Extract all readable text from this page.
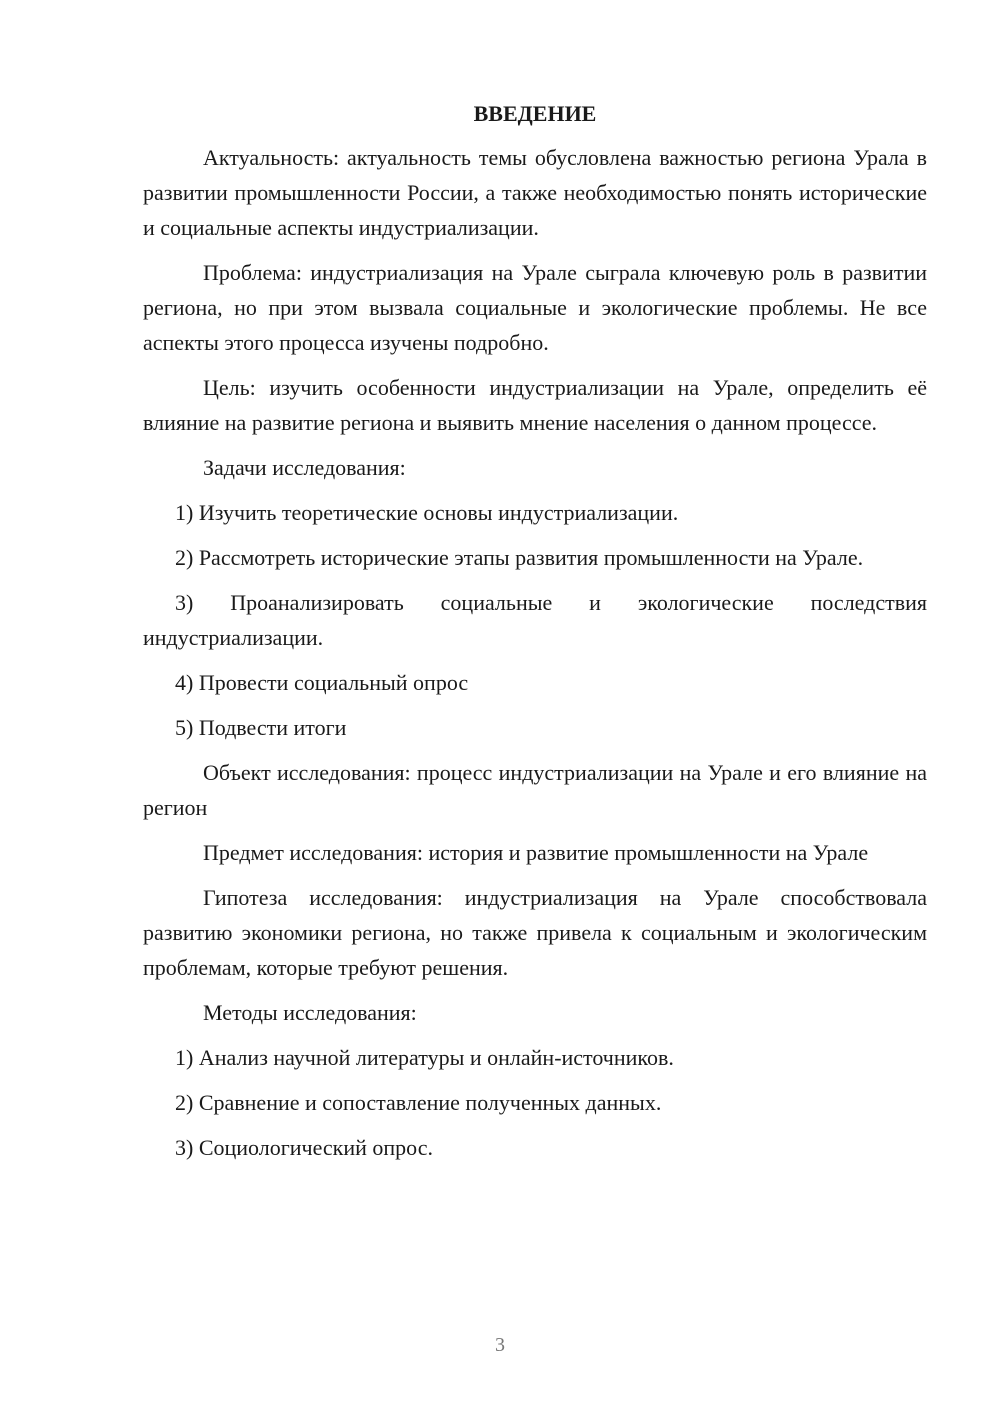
ВВЕДЕНИЕ

Актуальность: актуальность темы обусловлена важностью региона Урала в развитии промышленности России, а также необходимостью понять исторические и социальные аспекты индустриализации.

Проблема: индустриализация на Урале сыграла ключевую роль в развитии региона, но при этом вызвала социальные и экологические проблемы. Не все аспекты этого процесса изучены подробно.

Цель: изучить особенности индустриализации на Урале, определить её влияние на развитие региона и выявить мнение населения о данном процессе.

Задачи исследования:

1) Изучить теоретические основы индустриализации.

2) Рассмотреть исторические этапы развития промышленности на Урале.

3) Проанализировать социальные и экологические последствия индустриализации.

4) Провести социальный опрос

5) Подвести итоги

Объект исследования: процесс индустриализации на Урале и его влияние на регион

Предмет исследования: история и развитие промышленности на Урале

Гипотеза исследования: индустриализация на Урале способствовала развитию экономики региона, но также привела к социальным и экологическим проблемам, которые требуют решения.

Методы исследования:

1) Анализ научной литературы и онлайн-источников.

2) Сравнение и сопоставление полученных данных.

3) Социологический опрос.

3
